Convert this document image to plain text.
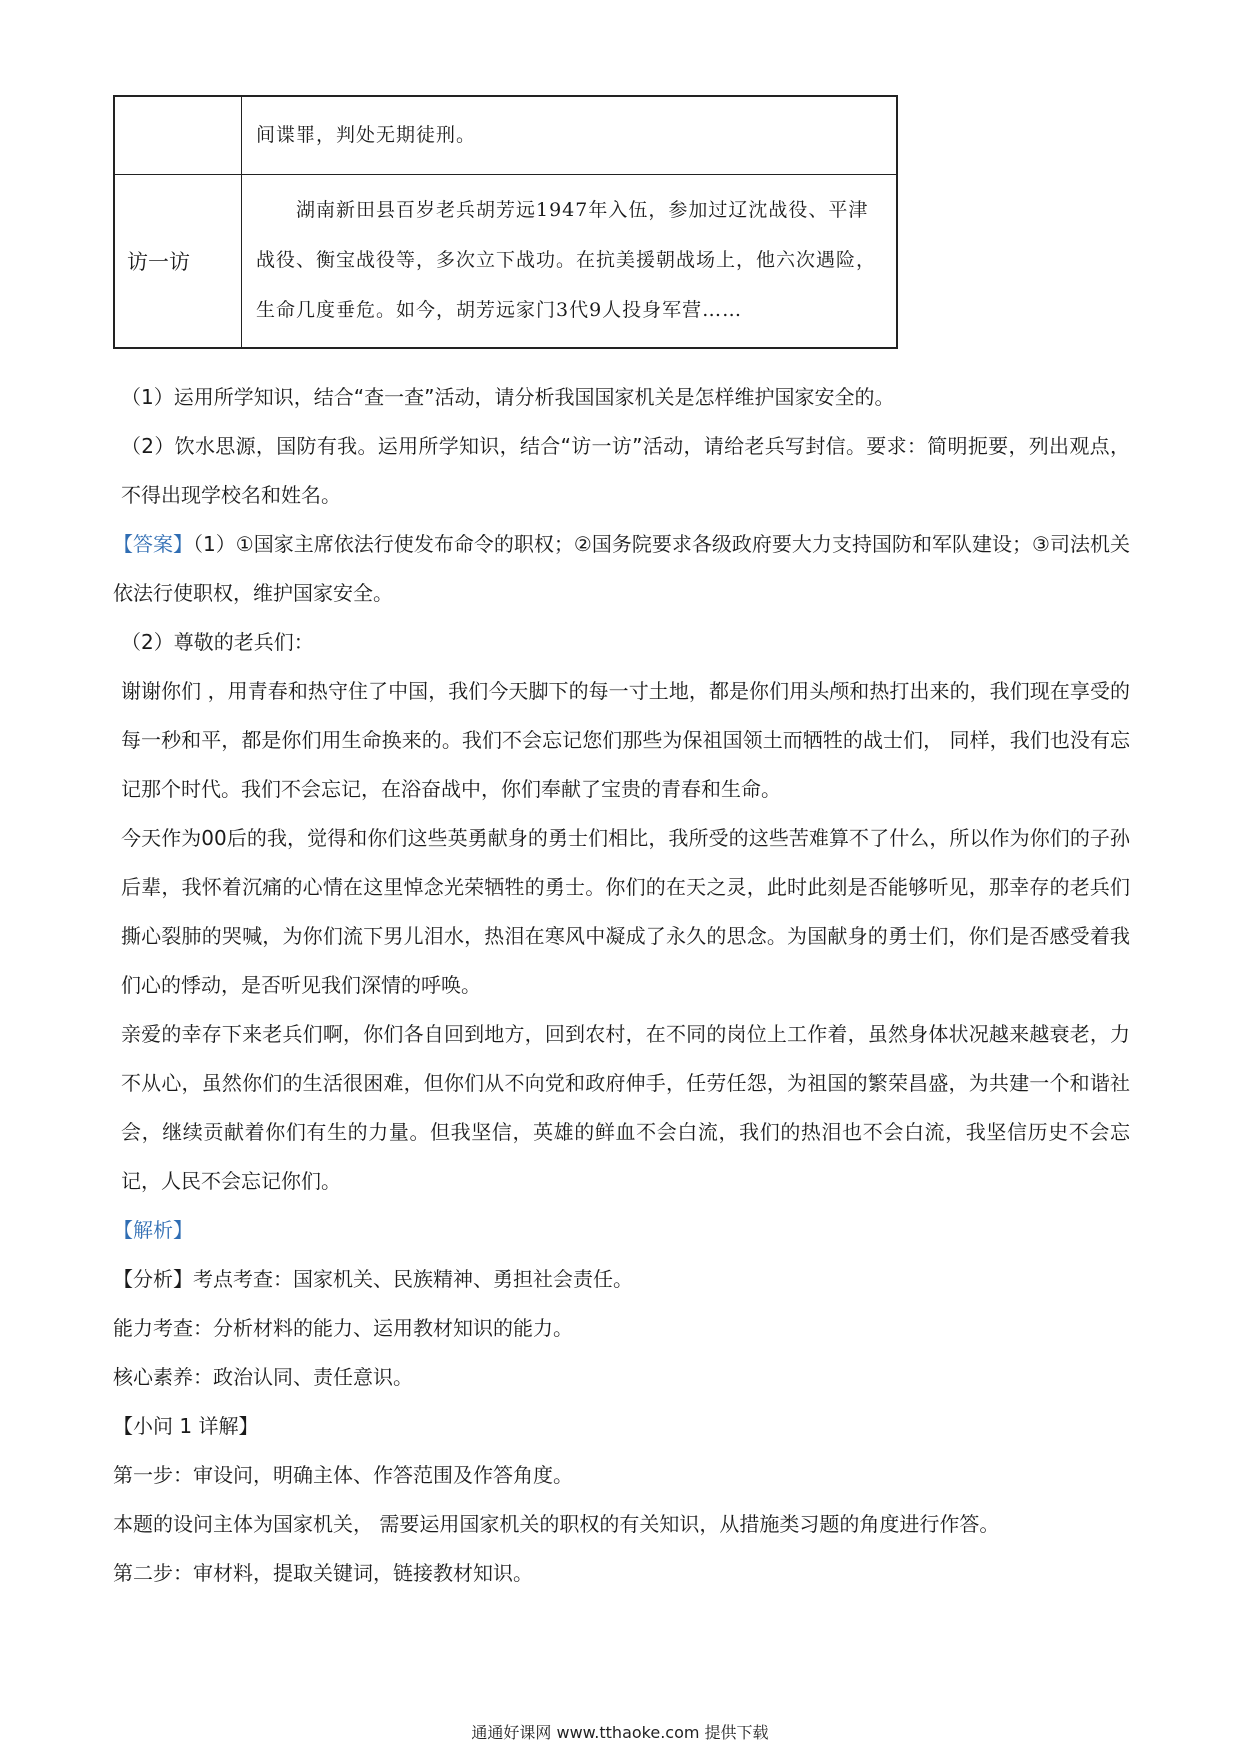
	间谍罪，判处无期徒刑。
访一访	湖南新田县百岁老兵胡芳远1947年入伍，参加过辽沈战役、平津战役、衡宝战役等，多次立下战功。在抗美援朝战场上，他六次遇险，生命几度垂危。如今，胡芳远家门3代9人投身军营……

（1）运用所学知识，结合“查一查”活动，请分析我国国家机关是怎样维护国家安全的。

（2）饮水思源，国防有我。运用所学知识，结合“访一访”活动，请给老兵写封信。要求：简明扼要，列出观点，不得出现学校名和姓名。

【答案】（1）①国家主席依法行使发布命令的职权；②国务院要求各级政府要大力支持国防和军队建设；③司法机关依法行使职权，维护国家安全。

（2）尊敬的老兵们：

谢谢你们 ，用青春和热守住了中国，我们今天脚下的每一寸土地，都是你们用头颅和热打出来的，我们现在享受的每一秒和平，都是你们用生命换来的。我们不会忘记您们那些为保祖国领土而牺牲的战士们， 同样，我们也没有忘记那个时代。我们不会忘记，在浴奋战中，你们奉献了宝贵的青春和生命。

今天作为00后的我，觉得和你们这些英勇献身的勇士们相比，我所受的这些苦难算不了什么，所以作为你们的子孙后辈，我怀着沉痛的心情在这里悼念光荣牺牲的勇士。你们的在天之灵，此时此刻是否能够听见，那幸存的老兵们撕心裂肺的哭喊，为你们流下男儿泪水，热泪在寒风中凝成了永久的思念。为国献身的勇士们，你们是否感受着我们心的悸动，是否听见我们深情的呼唤。

亲爱的幸存下来老兵们啊，你们各自回到地方，回到农村，在不同的岗位上工作着，虽然身体状况越来越衰老，力不从心，虽然你们的生活很困难，但你们从不向党和政府伸手，任劳任怨，为祖国的繁荣昌盛，为共建一个和谐社会，继续贡献着你们有生的力量。但我坚信，英雄的鲜血不会白流，我们的热泪也不会白流，我坚信历史不会忘记，人民不会忘记你们。

【解析】

【分析】考点考查：国家机关、民族精神、勇担社会责任。

能力考查：分析材料的能力、运用教材知识的能力。

核心素养：政治认同、责任意识。

【小问 1 详解】

第一步：审设问，明确主体、作答范围及作答角度。

本题的设问主体为国家机关， 需要运用国家机关的职权的有关知识，从措施类习题的角度进行作答。

第二步：审材料，提取关键词，链接教材知识。

通通好课网 www.tthaoke.com 提供下载
